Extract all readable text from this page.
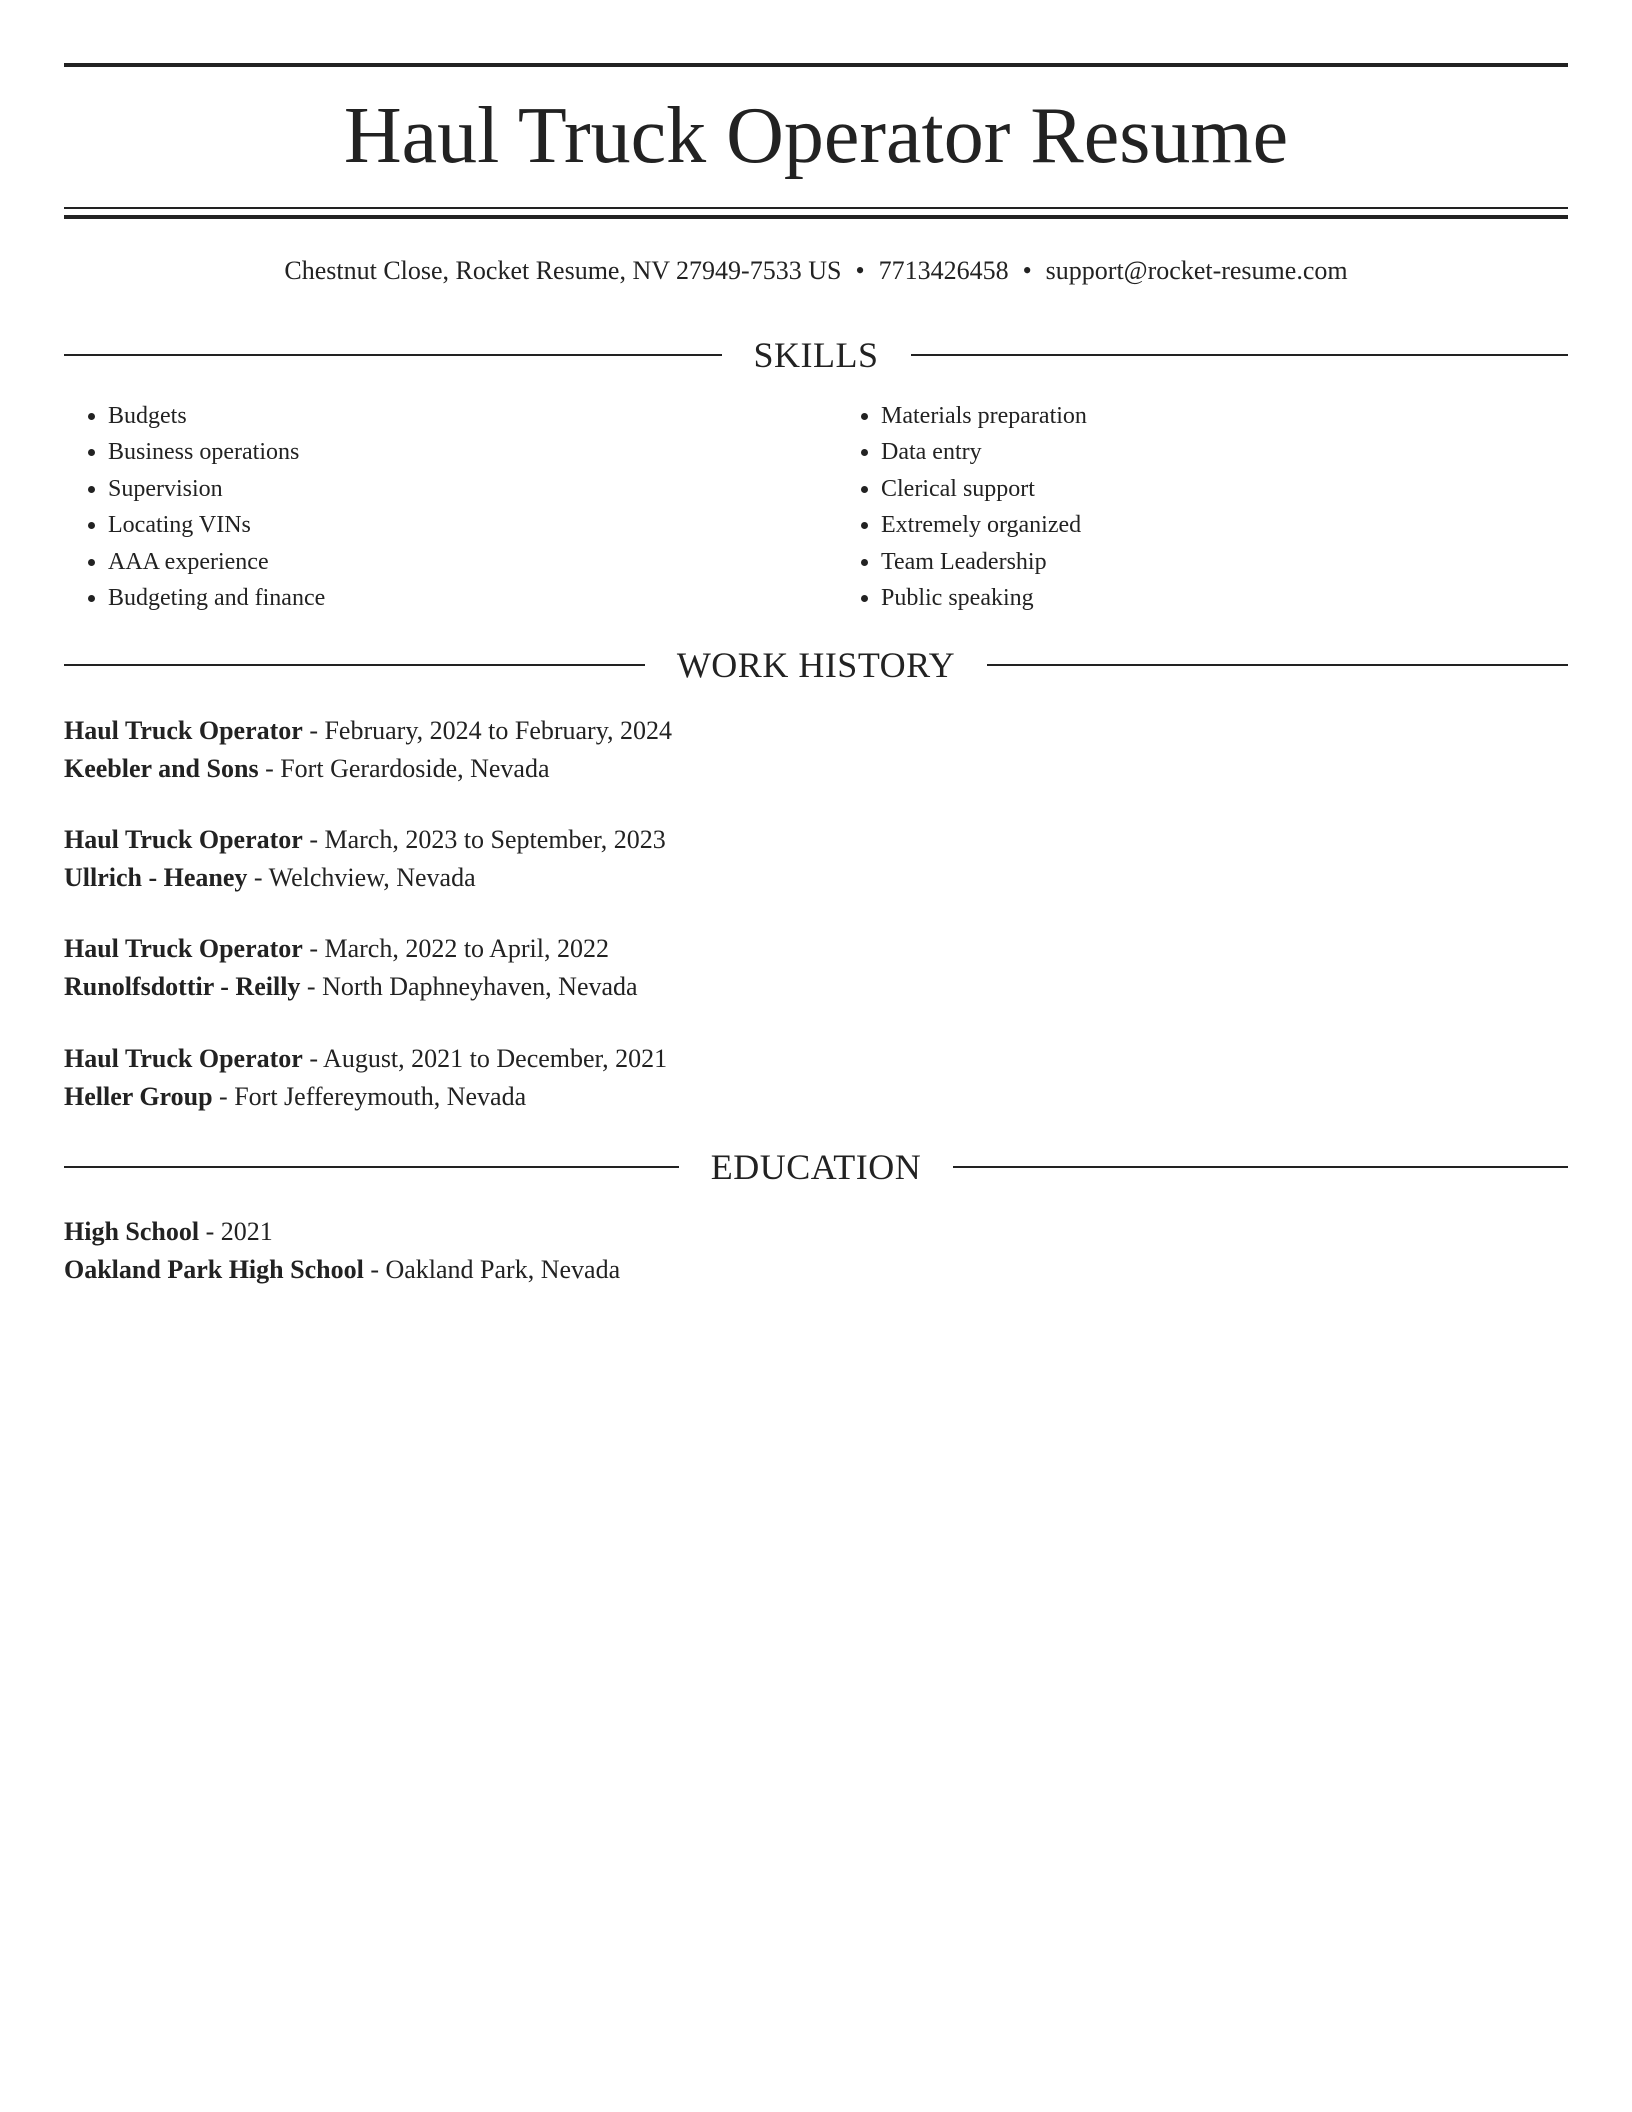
Haul Truck Operator Resume
Chestnut Close, Rocket Resume, NV 27949-7533 US • 7713426458 • support@rocket-resume.com
SKILLS
• Budgets
• Business operations
• Supervision
• Locating VINs
• AAA experience
• Budgeting and finance
• Materials preparation
• Data entry
• Clerical support
• Extremely organized
• Team Leadership
• Public speaking
WORK HISTORY
Haul Truck Operator - February, 2024 to February, 2024
Keebler and Sons - Fort Gerardoside, Nevada
Haul Truck Operator - March, 2023 to September, 2023
Ullrich - Heaney - Welchview, Nevada
Haul Truck Operator - March, 2022 to April, 2022
Runolfsdottir - Reilly - North Daphneyhaven, Nevada
Haul Truck Operator - August, 2021 to December, 2021
Heller Group - Fort Jeffereymouth, Nevada
EDUCATION
High School - 2021
Oakland Park High School - Oakland Park, Nevada
